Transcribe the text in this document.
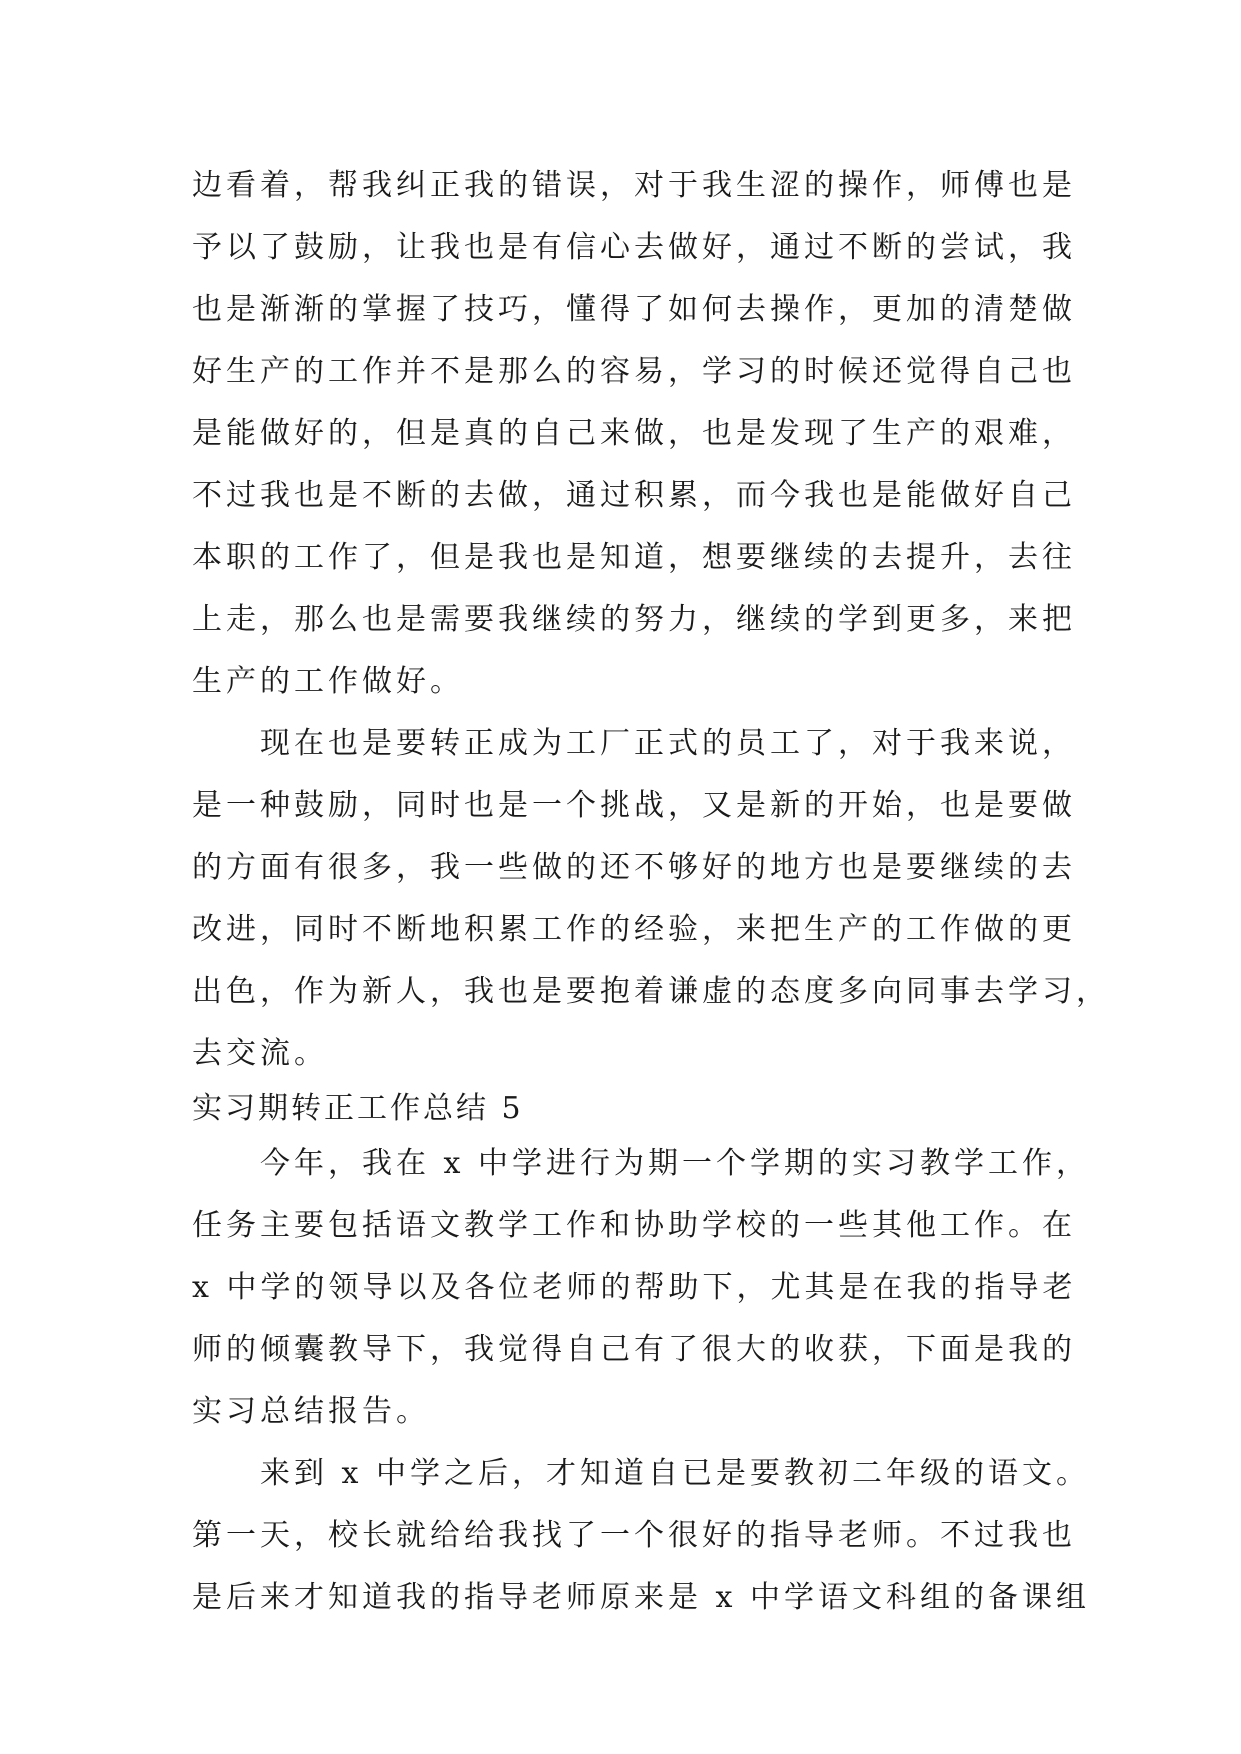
边看着，帮我纠正我的错误，对于我生涩的操作，师傅也是
予以了鼓励，让我也是有信心去做好，通过不断的尝试，我
也是渐渐的掌握了技巧，懂得了如何去操作，更加的清楚做
好生产的工作并不是那么的容易，学习的时候还觉得自己也
是能做好的，但是真的自己来做，也是发现了生产的艰难，
不过我也是不断的去做，通过积累，而今我也是能做好自己
本职的工作了，但是我也是知道，想要继续的去提升，去往
上走，那么也是需要我继续的努力，继续的学到更多，来把
生产的工作做好。
现在也是要转正成为工厂正式的员工了，对于我来说，
是一种鼓励，同时也是一个挑战，又是新的开始，也是要做
的方面有很多，我一些做的还不够好的地方也是要继续的去
改进，同时不断地积累工作的经验，来把生产的工作做的更
出色，作为新人，我也是要抱着谦虚的态度多向同事去学习，
去交流。
实习期转正工作总结 5
今年，我在 x 中学进行为期一个学期的实习教学工作，
任务主要包括语文教学工作和协助学校的一些其他工作。在
x 中学的领导以及各位老师的帮助下，尤其是在我的指导老
师的倾囊教导下，我觉得自己有了很大的收获，下面是我的
实习总结报告。
来到 x 中学之后，才知道自已是要教初二年级的语文。
第一天，校长就给给我找了一个很好的指导老师。不过我也
是后来才知道我的指导老师原来是 x 中学语文科组的备课组
